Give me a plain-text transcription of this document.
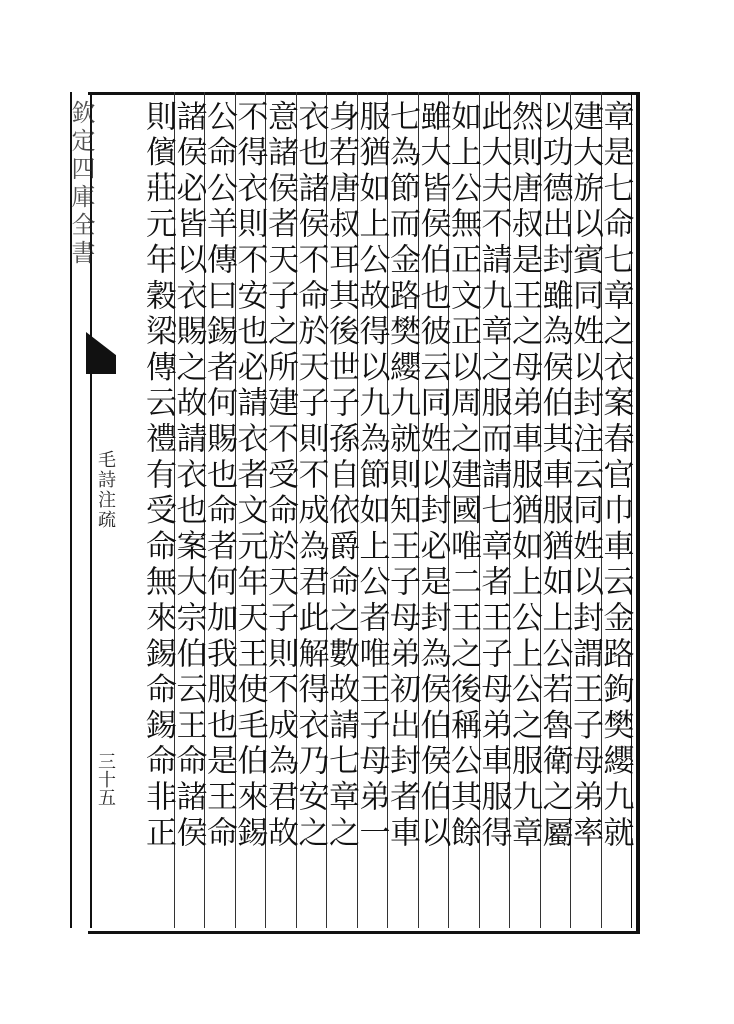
欽定四庫全書
毛詩注疏
三十五	章是七命七章之衣案春官巾車云金路鉤樊纓九就
建大旂以賓同姓以封注云同姓以封謂王子母弟率
以功德出封雖為侯伯其車服猶如上公若魯衛之屬
然則唐叔是王之母弟車服猶如上公上公之服九章
此大夫不請九章之服而請七章者王子母弟車服得
如上公無正文正以周之建國唯二王之後稱公其餘
雖大皆侯伯也彼云同姓以封必是封為侯伯侯伯以
七為節而金路樊纓九就則知王子母弟初出封者車
服猶如上公故得以九為節如上公者唯王子母弟一
身若唐叔耳其後世子孫自依爵命之數故請七章之
衣也諸侯不命於天子則不成為君此解得衣乃安之
意諸侯者天子之所建不受命於天子則不成為君故
不得衣則不安也必請衣者文元年天王使毛伯來錫
公命公羊傳曰錫者何賜也命者何加我服也是王命
諸侯必皆以衣賜之故請衣也案大宗伯云王命諸侯
則儐莊元年穀梁傳云禮有受命無來錫命錫命非正
